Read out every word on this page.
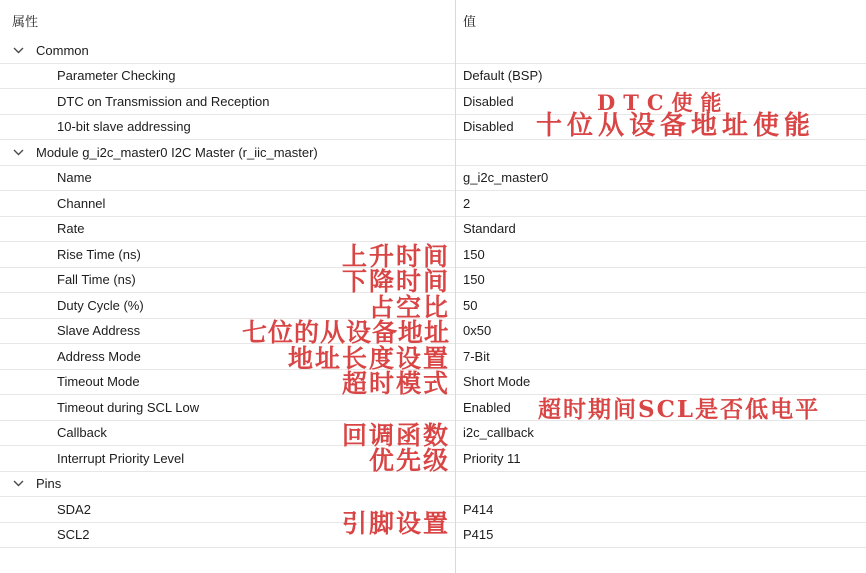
属性	值
Common
Parameter Checking	Default (BSP)
DTC on Transmission and Reception	Disabled
10-bit slave addressing	Disabled
Module g_i2c_master0 I2C Master (r_iic_master)
Name	g_i2c_master0
Channel	2
Rate	Standard
Rise Time (ns)	150
Fall Time (ns)	150
Duty Cycle (%)	50
Slave Address	0x50
Address Mode	7-Bit
Timeout Mode	Short Mode
Timeout during SCL Low	Enabled
Callback	i2c_callback
Interrupt Priority Level	Priority 11
Pins
SDA2	P414
SCL2	P415
DTC使能
十位从设备地址使能
上升时间
下降时间
占空比
七位的从设备地址
地址长度设置
超时模式
超时期间SCL是否低电平
回调函数
优先级
引脚设置
